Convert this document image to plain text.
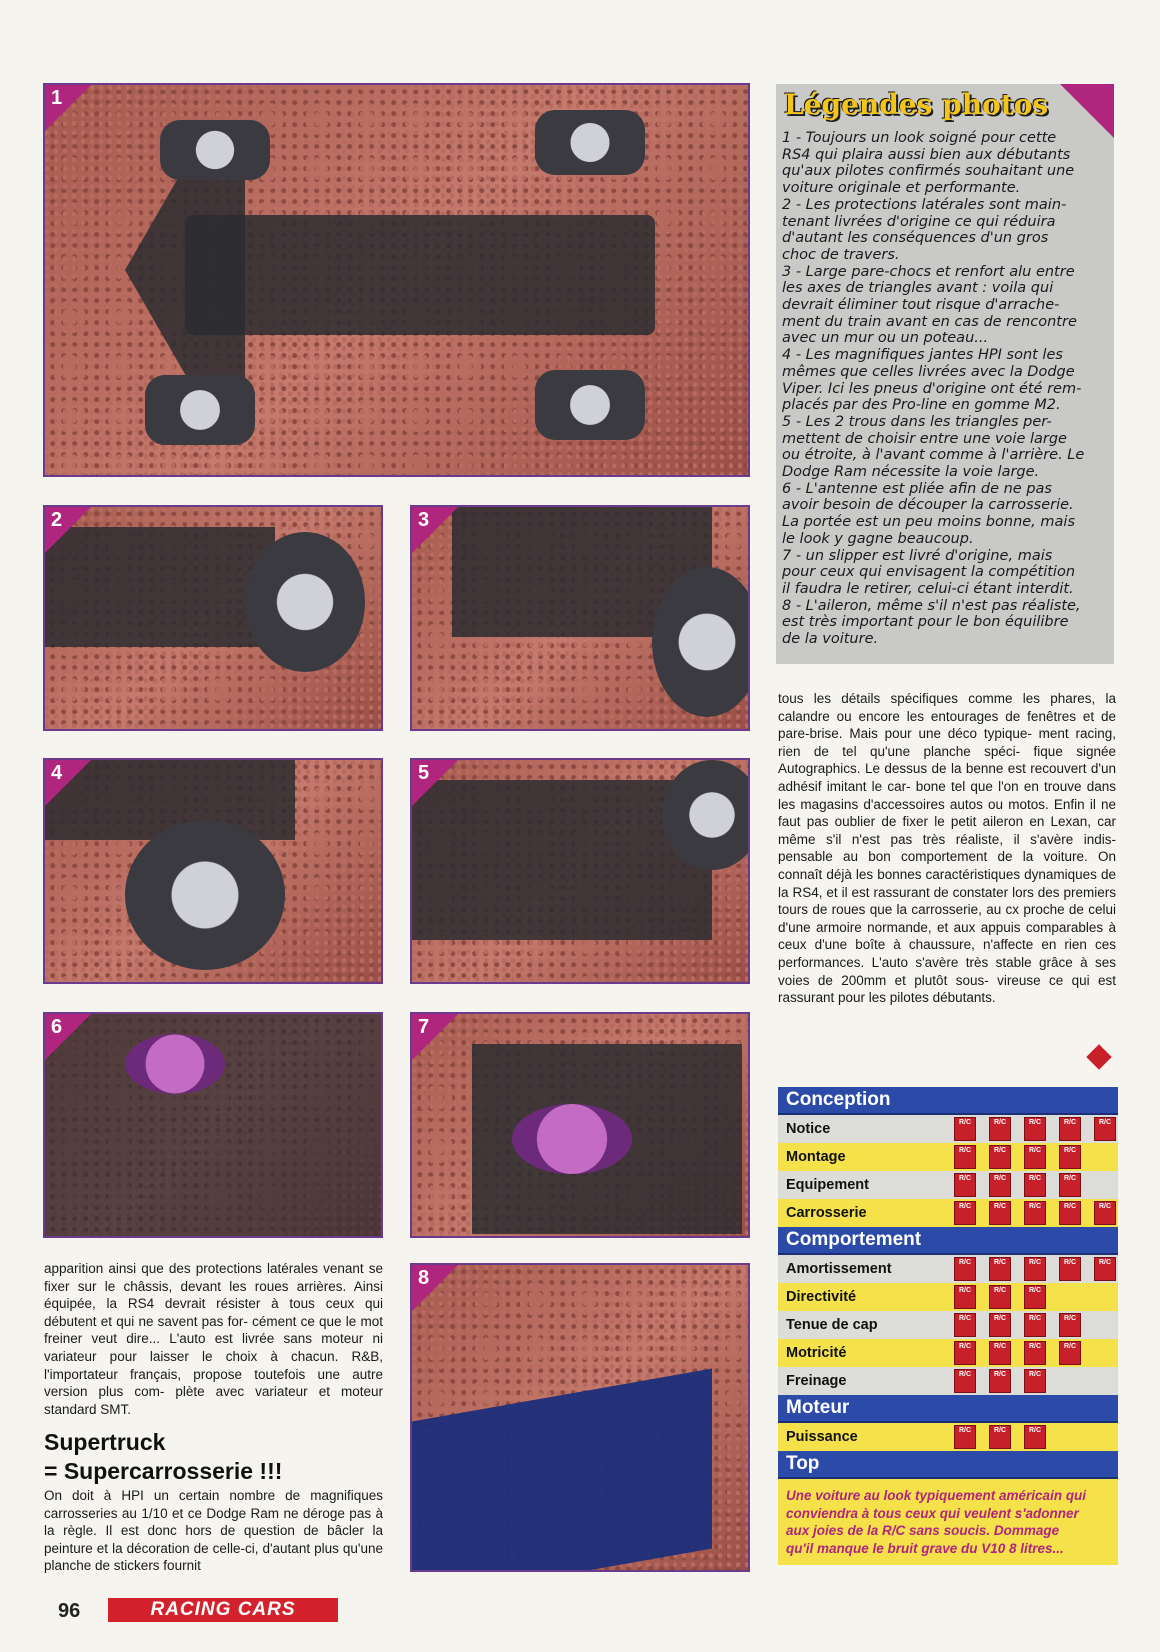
1
2	3
4	5
6	7
8
Légendes photos
1 - Toujours un look soigné pour cette
RS4 qui plaira aussi bien aux débutants
qu'aux pilotes confirmés souhaitant une
voiture originale et performante.
2 - Les protections latérales sont main-
tenant livrées d'origine ce qui réduira
d'autant les conséquences d'un gros
choc de travers.
3 - Large pare-chocs et renfort alu entre
les axes de triangles avant : voila qui
devrait éliminer tout risque d'arrache-
ment du train avant en cas de rencontre
avec un mur ou un poteau...
4 - Les magnifiques jantes HPI sont les
mêmes que celles livrées avec la Dodge
Viper. Ici les pneus d'origine ont été rem-
placés par des Pro-line en gomme M2.
5 - Les 2 trous dans les triangles per-
mettent de choisir entre une voie large
ou étroite, à l'avant comme à l'arrière. Le
Dodge Ram nécessite la voie large.
6 - L'antenne est pliée afin de ne pas
avoir besoin de découper la carrosserie.
La portée est un peu moins bonne, mais
le look y gagne beaucoup.
7 - un slipper est livré d'origine, mais
pour ceux qui envisagent la compétition
il faudra le retirer, celui-ci étant interdit.
8 - L'aileron, même s'il n'est pas réaliste,
est très important pour le bon équilibre
de la voiture.
tous les détails spécifiques comme les phares, la calandre ou encore les entourages de fenêtres et de pare-brise. Mais pour une déco typique- ment racing, rien de tel qu'une planche spéci- fique signée Autographics. Le dessus de la benne est recouvert d'un adhésif imitant le car- bone tel que l'on en trouve dans les magasins d'accessoires autos ou motos. Enfin il ne faut pas oublier de fixer le petit aileron en Lexan, car même s'il n'est pas très réaliste, il s'avère indis- pensable au bon comportement de la voiture. On connaît déjà les bonnes caractéristiques dynamiques de la RS4, et il est rassurant de constater lors des premiers tours de roues que la carrosserie, au cx proche de celui d'une armoire normande, et aux appuis comparables à ceux d'une boîte à chaussure, n'affecte en rien ces performances. L'auto s'avère très stable grâce à ses voies de 200mm et plutôt sous- vireuse ce qui est rassurant pour les pilotes débutants.
apparition ainsi que des protections latérales venant se fixer sur le châssis, devant les roues arrières. Ainsi équipée, la RS4 devrait résister à tous ceux qui débutent et qui ne savent pas for- cément ce que le mot freiner veut dire... L'auto est livrée sans moteur ni variateur pour laisser le choix à chacun. R&B, l'importateur français, propose toutefois une autre version plus com- plète avec variateur et moteur standard SMT.
Supertruck
= Supercarrosserie !!!
On doit à HPI un certain nombre de magnifiques carrosseries au 1/10 et ce Dodge Ram ne déroge pas à la règle. Il est donc hors de question de bâcler la peinture et la décoration de celle-ci, d'autant plus qu'une planche de stickers fournit
Conception
Notice	R/C	R/C	R/C	R/C	R/C
Montage	R/C	R/C	R/C	R/C
Equipement	R/C	R/C	R/C	R/C
Carrosserie	R/C	R/C	R/C	R/C	R/C
Comportement
Amortissement	R/C	R/C	R/C	R/C	R/C
Directivité	R/C	R/C	R/C
Tenue de cap	R/C	R/C	R/C	R/C
Motricité	R/C	R/C	R/C	R/C
Freinage	R/C	R/C	R/C
Moteur
Puissance	R/C	R/C	R/C
Top
Une voiture au look typiquement américain qui
conviendra à tous ceux qui veulent s'adonner
aux joies de la R/C sans soucis. Dommage
qu'il manque le bruit grave du V10 8 litres...
96	RACING CARS
